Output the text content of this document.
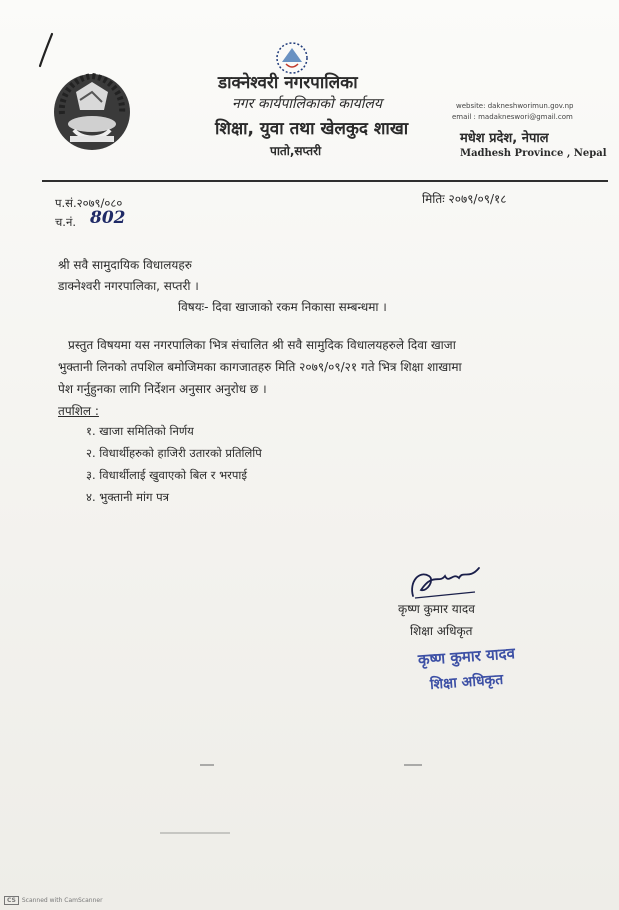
डाक्नेश्वरी नगरपालिका
नगर कार्यपालिकाको कार्यालय
शिक्षा, युवा तथा खेलकुद शाखा
पातो,सप्तरी
website: dakneshworimun.gov.np
email : madakneswori@gmail.com
मधेश प्रदेश, नेपाल
Madhesh Province , Nepal
प.सं.२०७९/०८०
च.नं. 802
मितिः २०७९/०९/१८
श्री सवै सामुदायिक विधालयहरु
डाक्नेश्वरी नगरपालिका, सप्तरी ।
विषयः- दिवा खाजाको रकम निकासा सम्बन्धमा ।
प्रस्तुत विषयमा यस नगरपालिका भित्र संचालित श्री सवै सामुदिक विधालयहरुले दिवा खाजा
भुक्तानी लिनको तपशिल बमोजिमका कागजातहरु मिति २०७९/०९/२१ गते भित्र शिक्षा शाखामा
पेश गर्नुहुनका लागि निर्देशन अनुसार अनुरोध छ ।
तपशिल :
१. खाजा समितिको निर्णय
२. विधार्थीहरुको हाजिरी उतारको प्रतिलिपि
३. विधार्थीलाई खुवाएको बिल र भरपाई
४. भुक्तानी मांग पत्र
कृष्ण कुमार यादव
शिक्षा अधिकृत
कृष्ण कुमार यादव
शिक्षा अधिकृत
CS Scanned with CamScanner
